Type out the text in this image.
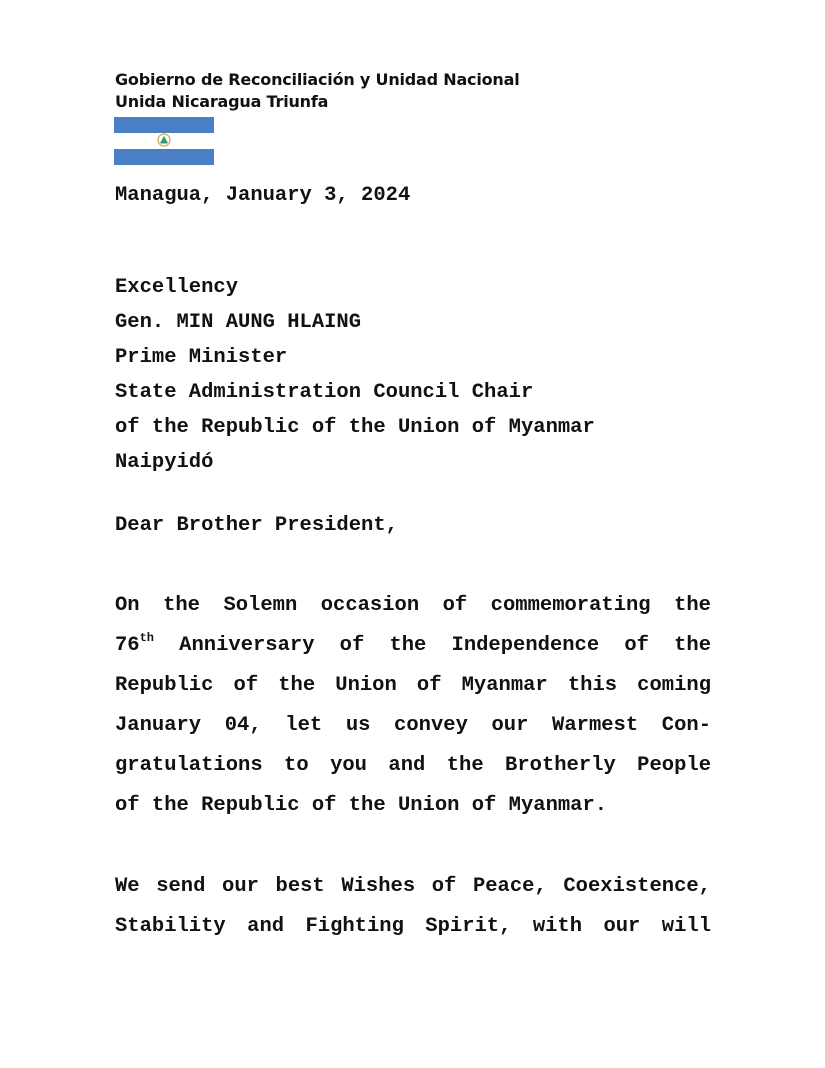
Gobierno de Reconciliación y Unidad Nacional
Unida Nicaragua Triunfa
Managua, January 3, 2024
Excellency
Gen. MIN AUNG HLAING
Prime Minister
State Administration Council Chair
of the Republic of the Union of Myanmar
Naipyidó
Dear Brother President,
On the Solemn occasion of commemorating the
76th Anniversary of the Independence of the
Republic of the Union of Myanmar this coming
January 04, let us convey our Warmest Con-
gratulations to you and the Brotherly People
of the Republic of the Union of Myanmar.
We send our best Wishes of Peace, Coexistence,
Stability and Fighting Spirit, with our will
